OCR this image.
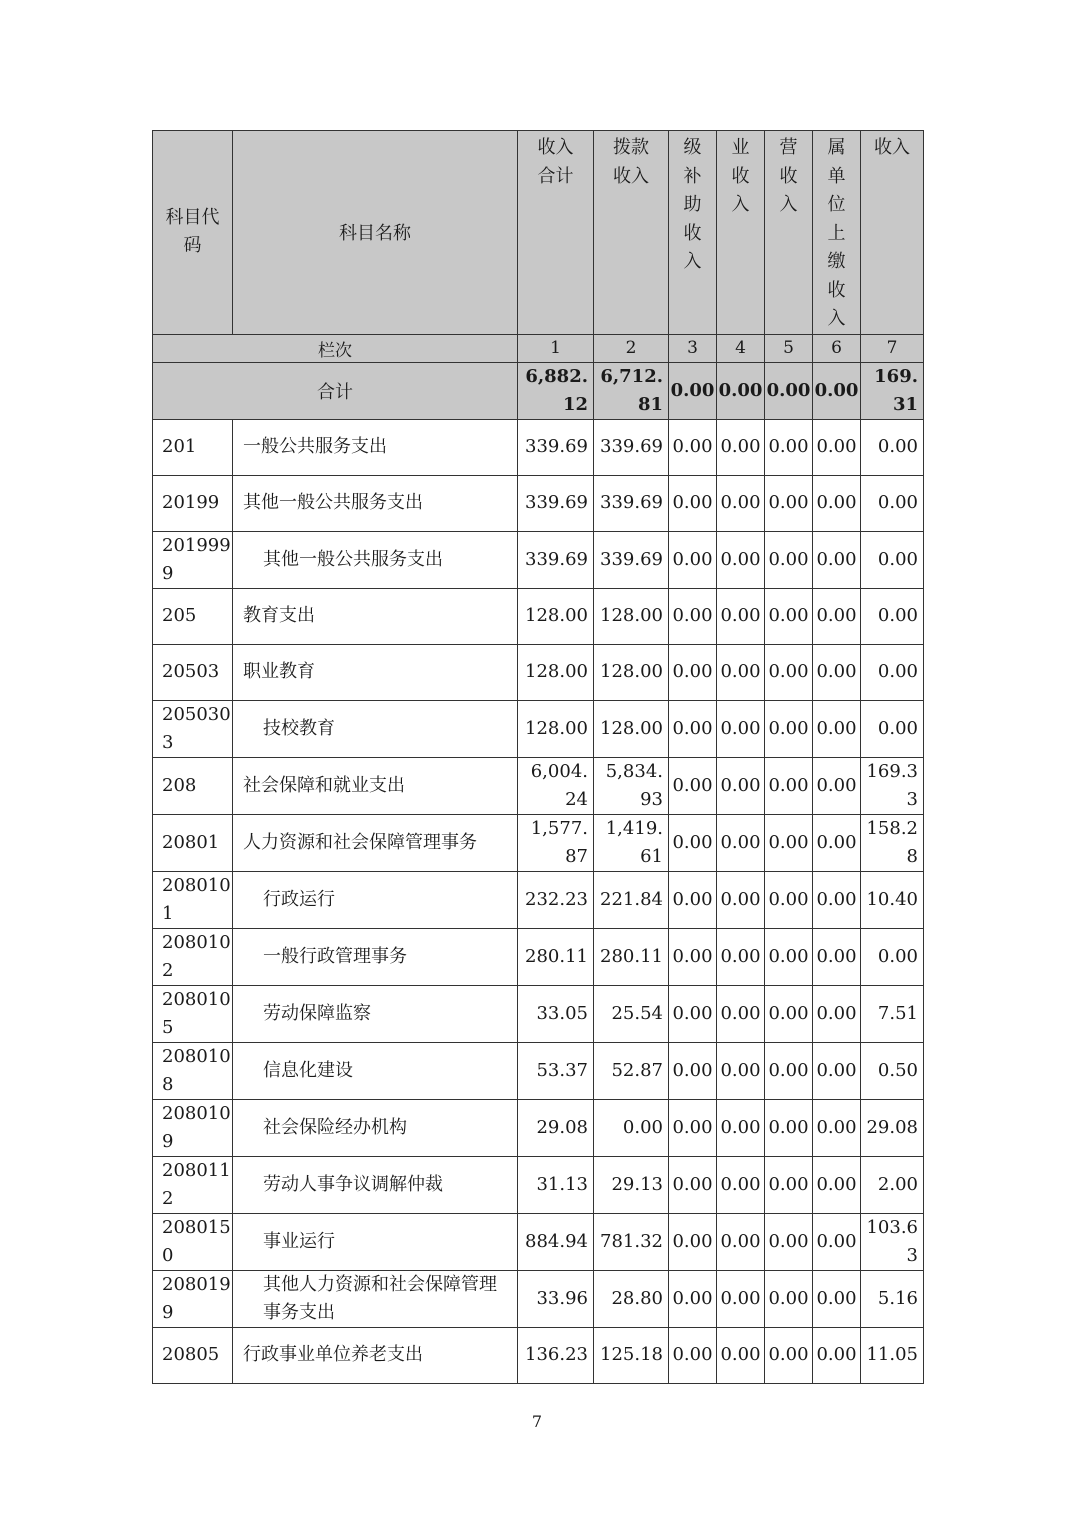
科目代码	科目名称	收入合计	拨款收入	级补助收入	业收入	营收入	属单位上缴收入	收入

栏次		1	2	3	4	5	6	7
合计		6,882.12	6,712.81	0.00	0.00	0.00	0.00	169.31
201	一般公共服务支出	339.69	339.69	0.00	0.00	0.00	0.00	0.00
20199	其他一般公共服务支出	339.69	339.69	0.00	0.00	0.00	0.00	0.00
2019999	其他一般公共服务支出	339.69	339.69	0.00	0.00	0.00	0.00	0.00
205	教育支出	128.00	128.00	0.00	0.00	0.00	0.00	0.00
20503	职业教育	128.00	128.00	0.00	0.00	0.00	0.00	0.00
2050303	技校教育	128.00	128.00	0.00	0.00	0.00	0.00	0.00
208	社会保障和就业支出	6,004.24	5,834.93	0.00	0.00	0.00	0.00	169.33
20801	人力资源和社会保障管理事务	1,577.87	1,419.61	0.00	0.00	0.00	0.00	158.28
2080101	行政运行	232.23	221.84	0.00	0.00	0.00	0.00	10.40
2080102	一般行政管理事务	280.11	280.11	0.00	0.00	0.00	0.00	0.00
2080105	劳动保障监察	33.05	25.54	0.00	0.00	0.00	0.00	7.51
2080108	信息化建设	53.37	52.87	0.00	0.00	0.00	0.00	0.50
2080109	社会保险经办机构	29.08	0.00	0.00	0.00	0.00	0.00	29.08
2080112	劳动人事争议调解仲裁	31.13	29.13	0.00	0.00	0.00	0.00	2.00
2080150	事业运行	884.94	781.32	0.00	0.00	0.00	0.00	103.63
2080199	其他人力资源和社会保障管理事务支出	33.96	28.80	0.00	0.00	0.00	0.00	5.16
20805	行政事业单位养老支出	136.23	125.18	0.00	0.00	0.00	0.00	11.05
7
